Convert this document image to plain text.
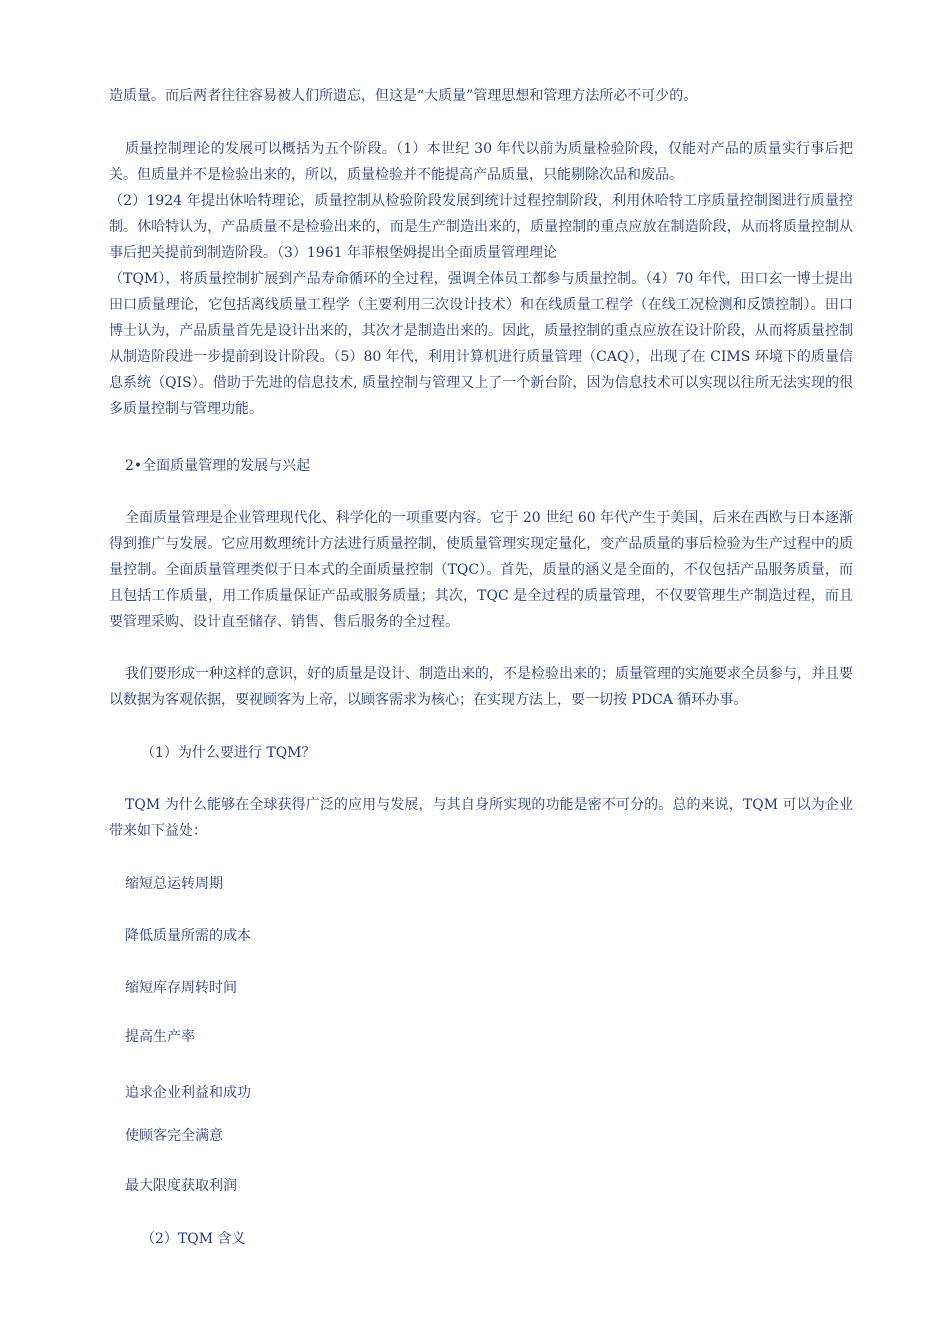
造质量。而后两者往往容易被人们所遗忘，但这是“大质量”管理思想和管理方法所必不可少的。

质量控制理论的发展可以概括为五个阶段。（1）本世纪 30 年代以前为质量检验阶段，仅能对产品的质量实行事后把关。但质量并不是检验出来的，所以，质量检验并不能提高产品质量，只能剔除次品和废品。

（2）1924 年提出休哈特理论，质量控制从检验阶段发展到统计过程控制阶段，利用休哈特工序质量控制图进行质量控制。休哈特认为，产品质量不是检验出来的，而是生产制造出来的，质量控制的重点应放在制造阶段，从而将质量控制从事后把关提前到制造阶段。（3）1961 年菲根堡姆提出全面质量管理理论

（TQM），将质量控制扩展到产品寿命循环的全过程，强调全体员工都参与质量控制。（4）70 年代，田口玄一博士提出田口质量理论，它包括离线质量工程学（主要利用三次设计技术）和在线质量工程学（在线工况检测和反馈控制）。田口博士认为，产品质量首先是设计出来的，其次才是制造出来的。因此，质量控制的重点应放在设计阶段，从而将质量控制从制造阶段进一步提前到设计阶段。（5）80 年代，利用计算机进行质量管理（CAQ），出现了在 CIMS 环境下的质量信息系统（QIS）。借助于先进的信息技术, 质量控制与管理又上了一个新台阶，因为信息技术可以实现以往所无法实现的很多质量控制与管理功能。

2•全面质量管理的发展与兴起

全面质量管理是企业管理现代化、科学化的一项重要内容。它于 20 世纪 60 年代产生于美国，后来在西欧与日本逐渐得到推广与发展。它应用数理统计方法进行质量控制，使质量管理实现定量化，变产品质量的事后检验为生产过程中的质量控制。全面质量管理类似于日本式的全面质量控制（TQC）。首先，质量的涵义是全面的，不仅包括产品服务质量，而且包括工作质量，用工作质量保证产品或服务质量；其次，TQC 是全过程的质量管理，不仅要管理生产制造过程，而且要管理采购、设计直至储存、销售、售后服务的全过程。

我们要形成一种这样的意识，好的质量是设计、制造出来的，不是检验出来的；质量管理的实施要求全员参与，并且要以数据为客观依据，要视顾客为上帝，以顾客需求为核心；在实现方法上，要一切按 PDCA 循环办事。

（1）为什么要进行 TQM？

TQM 为什么能够在全球获得广泛的应用与发展，与其自身所实现的功能是密不可分的。总的来说，TQM 可以为企业带来如下益处：

缩短总运转周期

降低质量所需的成本

缩短库存周转时间

提高生产率

追求企业利益和成功

使顾客完全满意

最大限度获取利润

（2）TQM 含义
